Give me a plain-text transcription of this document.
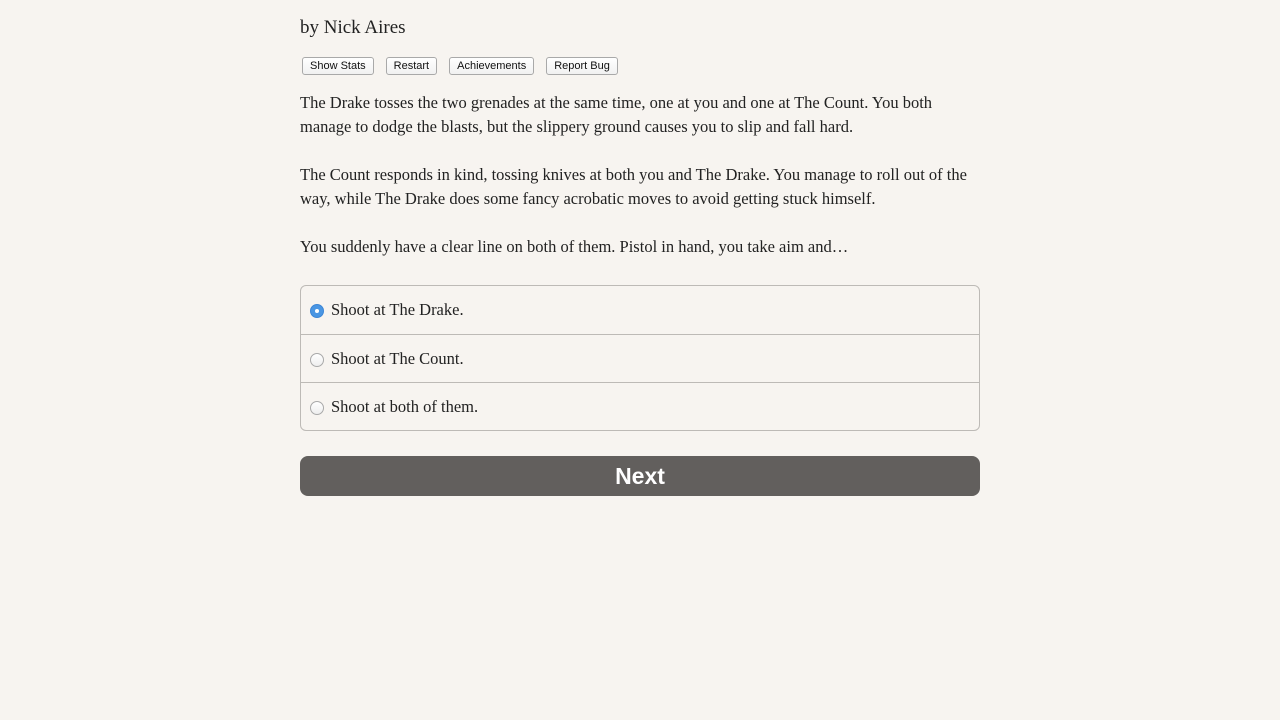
by Nick Aires
Show Stats	Restart	Achievements	Report Bug

The Drake tosses the two grenades at the same time, one at you and one at The Count. You both manage to dodge the blasts, but the slippery ground causes you to slip and fall hard.

The Count responds in kind, tossing knives at both you and The Drake. You manage to roll out of the way, while The Drake does some fancy acrobatic moves to avoid getting stuck himself.

You suddenly have a clear line on both of them. Pistol in hand, you take aim and…

Shoot at The Drake.
Shoot at The Count.
Shoot at both of them.
Next
